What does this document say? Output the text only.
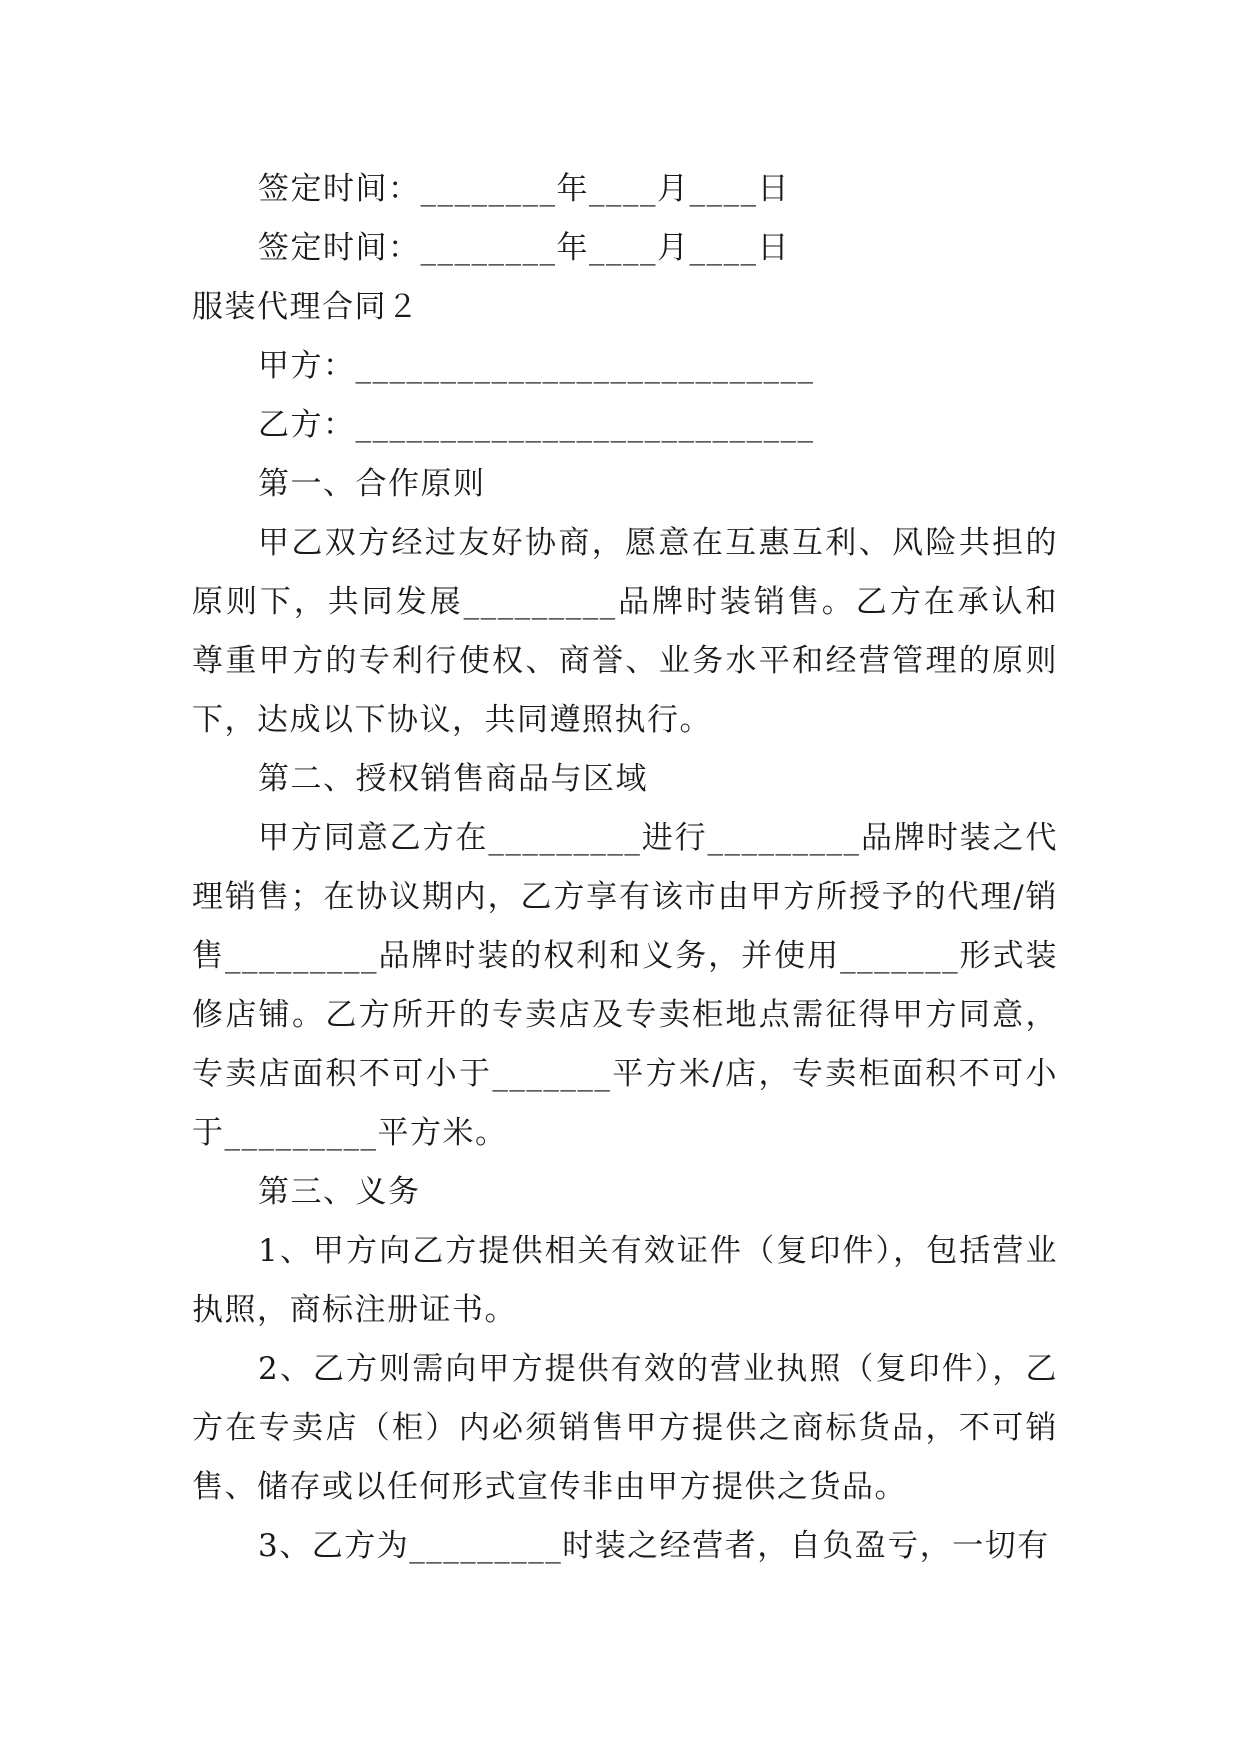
签定时间：________年____月____日
签定时间：________年____月____日
服装代理合同２
甲方：___________________________
乙方：___________________________
第一、合作原则

甲乙双方经过友好协商，愿意在互惠互利、风险共担的原则下，共同发展_________品牌时装销售。乙方在承认和尊重甲方的专利行使权、商誉、业务水平和经营管理的原则下，达成以下协议，共同遵照执行。

第二、授权销售商品与区域

甲方同意乙方在_________进行_________品牌时装之代理销售；在协议期内，乙方享有该市由甲方所授予的代理/销售_________品牌时装的权利和义务，并使用_______形式装修店铺。乙方所开的专卖店及专卖柜地点需征得甲方同意，专卖店面积不可小于_______平方米/店，专卖柜面积不可小于_________平方米。

第三、义务

1、甲方向乙方提供相关有效证件（复印件），包括营业执照，商标注册证书。

2、乙方则需向甲方提供有效的营业执照（复印件），乙方在专卖店（柜）内必须销售甲方提供之商标货品，不可销售、储存或以任何形式宣传非由甲方提供之货品。

3、乙方为_________时装之经营者，自负盈亏，一切有
